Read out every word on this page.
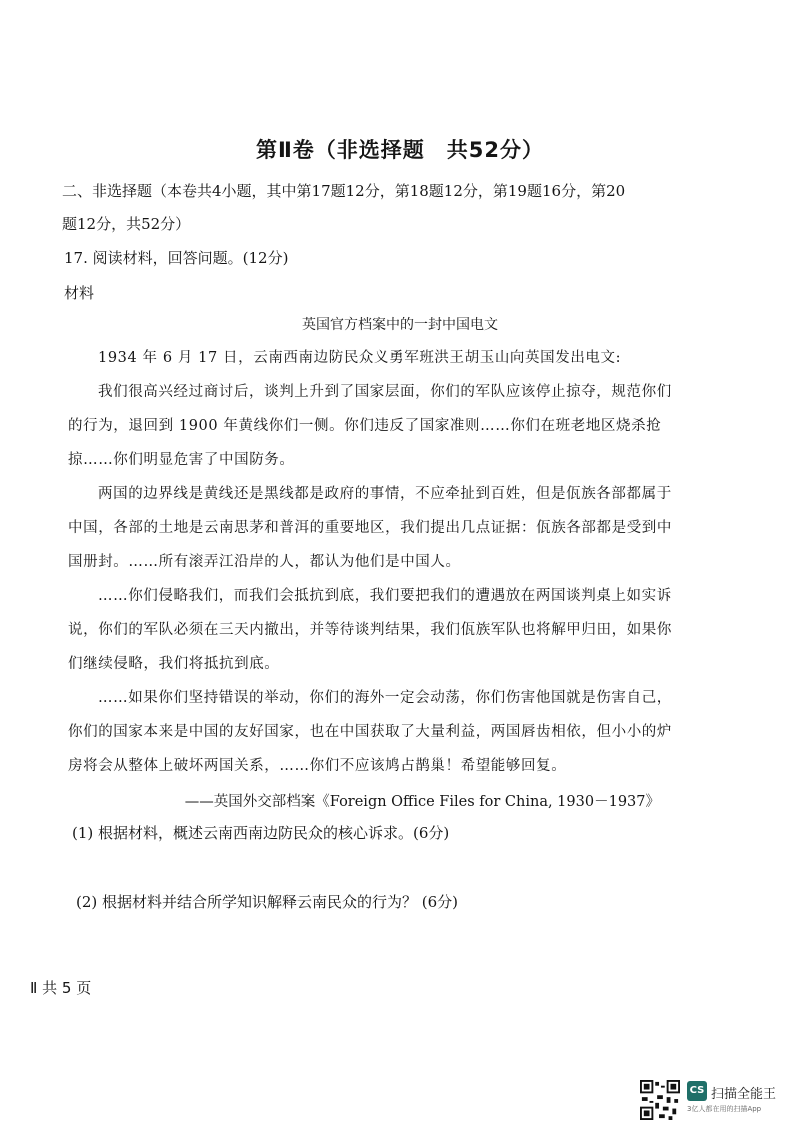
第Ⅱ卷（非选择题　共52分）
二、非选择题（本卷共4小题，其中第17题12分，第18题12分，第19题16分，第20
题12分，共52分）
17. 阅读材料，回答问题。(12分)
材料
英国官方档案中的一封中国电文
1934 年 6 月 17 日，云南西南边防民众义勇军班洪王胡玉山向英国发出电文:
我们很高兴经过商讨后，谈判上升到了国家层面，你们的军队应该停止掠夺，规范你们
的行为，退回到 1900 年黄线你们一侧。你们违反了国家准则……你们在班老地区烧杀抢
掠……你们明显危害了中国防务。
两国的边界线是黄线还是黑线都是政府的事情，不应牵扯到百姓，但是佤族各部都属于
中国，各部的土地是云南思茅和普洱的重要地区，我们提出几点证据：佤族各部都是受到中
国册封。……所有滚弄江沿岸的人，都认为他们是中国人。
……你们侵略我们，而我们会抵抗到底，我们要把我们的遭遇放在两国谈判桌上如实诉
说，你们的军队必须在三天内撤出，并等待谈判结果，我们佤族军队也将解甲归田，如果你
们继续侵略，我们将抵抗到底。
……如果你们坚持错误的举动，你们的海外一定会动荡，你们伤害他国就是伤害自己，
你们的国家本来是中国的友好国家，也在中国获取了大量利益，两国唇齿相依，但小小的炉
房将会从整体上破坏两国关系，……你们不应该鸠占鹊巢！希望能够回复。
——英国外交部档案《Foreign Office Files for China, 1930－1937》
(1) 根据材料，概述云南西南边防民众的核心诉求。(6分)
(2) 根据材料并结合所学知识解释云南民众的行为？ (6分)
Ⅱ 共 5 页
CS 扫描全能王
3亿人都在用的扫描App
